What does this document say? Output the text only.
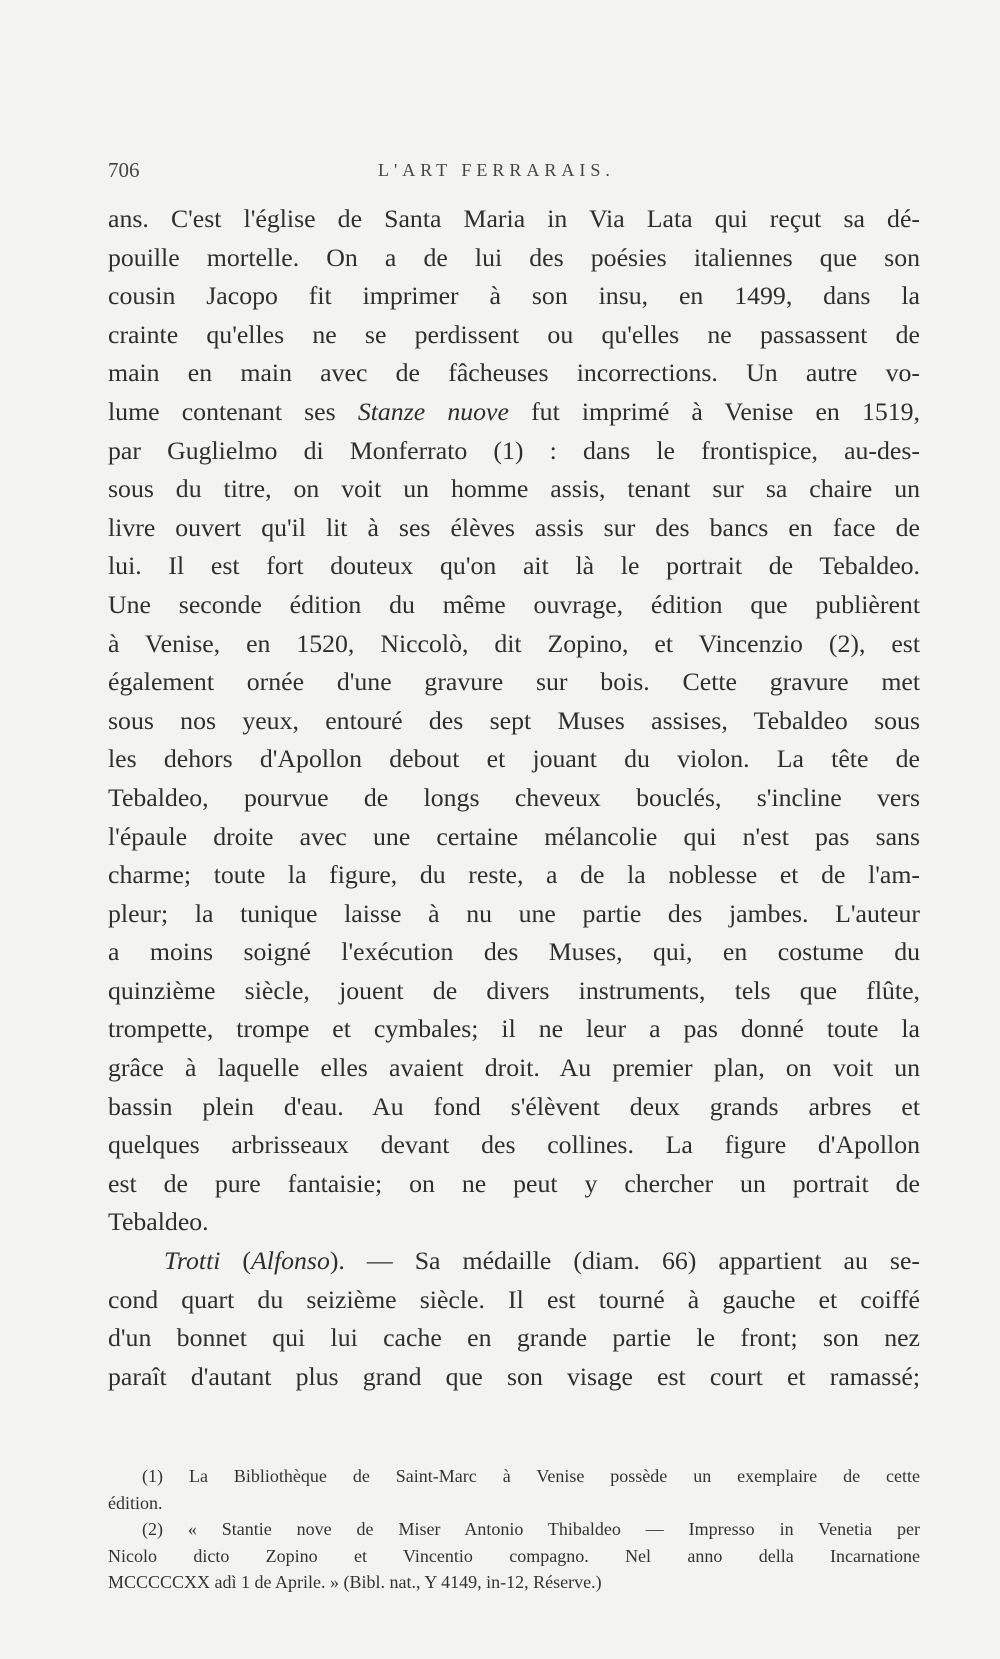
706	L'ART FERRARAIS.
ans. C'est l'église de Santa Maria in Via Lata qui reçut sa dé-
pouille mortelle. On a de lui des poésies italiennes que son
cousin Jacopo fit imprimer à son insu, en 1499, dans la
crainte qu'elles ne se perdissent ou qu'elles ne passassent de
main en main avec de fâcheuses incorrections. Un autre vo-
lume contenant ses Stanze nuove fut imprimé à Venise en 1519,
par Guglielmo di Monferrato (1) : dans le frontispice, au-des-
sous du titre, on voit un homme assis, tenant sur sa chaire un
livre ouvert qu'il lit à ses élèves assis sur des bancs en face de
lui. Il est fort douteux qu'on ait là le portrait de Tebaldeo.
Une seconde édition du même ouvrage, édition que publièrent
à Venise, en 1520, Niccolò, dit Zopino, et Vincenzio (2), est
également ornée d'une gravure sur bois. Cette gravure met
sous nos yeux, entouré des sept Muses assises, Tebaldeo sous
les dehors d'Apollon debout et jouant du violon. La tête de
Tebaldeo, pourvue de longs cheveux bouclés, s'incline vers
l'épaule droite avec une certaine mélancolie qui n'est pas sans
charme; toute la figure, du reste, a de la noblesse et de l'am-
pleur; la tunique laisse à nu une partie des jambes. L'auteur
a moins soigné l'exécution des Muses, qui, en costume du
quinzième siècle, jouent de divers instruments, tels que flûte,
trompette, trompe et cymbales; il ne leur a pas donné toute la
grâce à laquelle elles avaient droit. Au premier plan, on voit un
bassin plein d'eau. Au fond s'élèvent deux grands arbres et
quelques arbrisseaux devant des collines. La figure d'Apollon
est de pure fantaisie; on ne peut y chercher un portrait de
Tebaldeo.
Trotti (Alfonso). — Sa médaille (diam. 66) appartient au se-
cond quart du seizième siècle. Il est tourné à gauche et coiffé
d'un bonnet qui lui cache en grande partie le front; son nez
paraît d'autant plus grand que son visage est court et ramassé;
(1) La Bibliothèque de Saint-Marc à Venise possède un exemplaire de cette
édition.
(2) « Stantie nove de Miser Antonio Thibaldeo — Impresso in Venetia per
Nicolo dicto Zopino et Vincentio compagno. Nel anno della Incarnatione
MCCCCCXX adì 1 de Aprile. » (Bibl. nat., Y 4149, in-12, Réserve.)
